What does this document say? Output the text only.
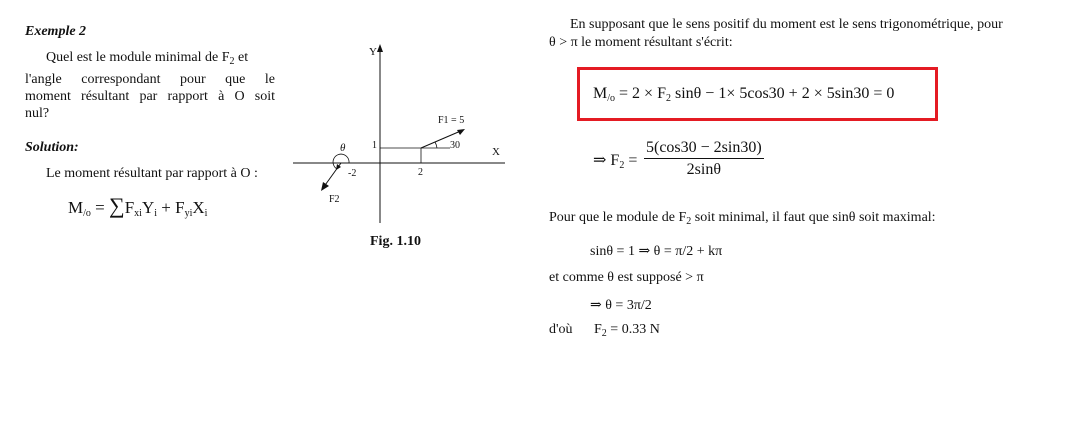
Exemple 2
Quel est le module minimal de $F_2$ et
l'angle correspondant pour que le
moment résultant par rapport à O soit
nul?
Solution:
Le moment résultant par rapport à O :
$M_{/o} = \sum F_{xi}Y_i + F_{yi}X_i$
Y
X
1
2
30
F1 = 5
θ
-2
F2
Fig. 1.10
En supposant que le sens positif du moment est le sens trigonométrique, pour
θ > π le moment résultant s'écrit:
$M_{/o} = 2 \times F_2$ sinθ − 1× 5cos30 + 2 × 5sin30 = 0
⇒ $F_2 = \frac{5(\cos 30 - 2\sin 30)}{2\sin\theta}$
Pour que le module de $F_2$ soit minimal, il faut que sinθ soit maximal:
sinθ = 1 ⇒ θ = π/2 + kπ
et comme θ est supposé > π
⇒ θ = 3π/2
d'où $F_2 = 0.33$ N
